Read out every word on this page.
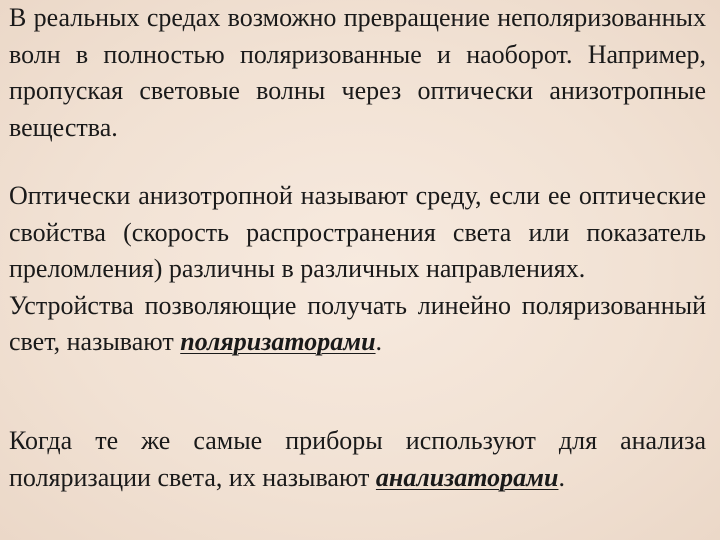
В реальных средах возможно превращение неполяризованных волн в полностью поляризованные и наоборот. Например, пропуская световые волны через оптически анизотропные вещества.

Оптически анизотропной называют среду, если ее оптические свойства (скорость распространения света или показатель преломления) различны в различных направлениях.
Устройства позволяющие получать линейно поляризованный свет, называют поляризаторами.

Когда те же самые приборы используют для анализа поляризации света, их называют анализаторами.
